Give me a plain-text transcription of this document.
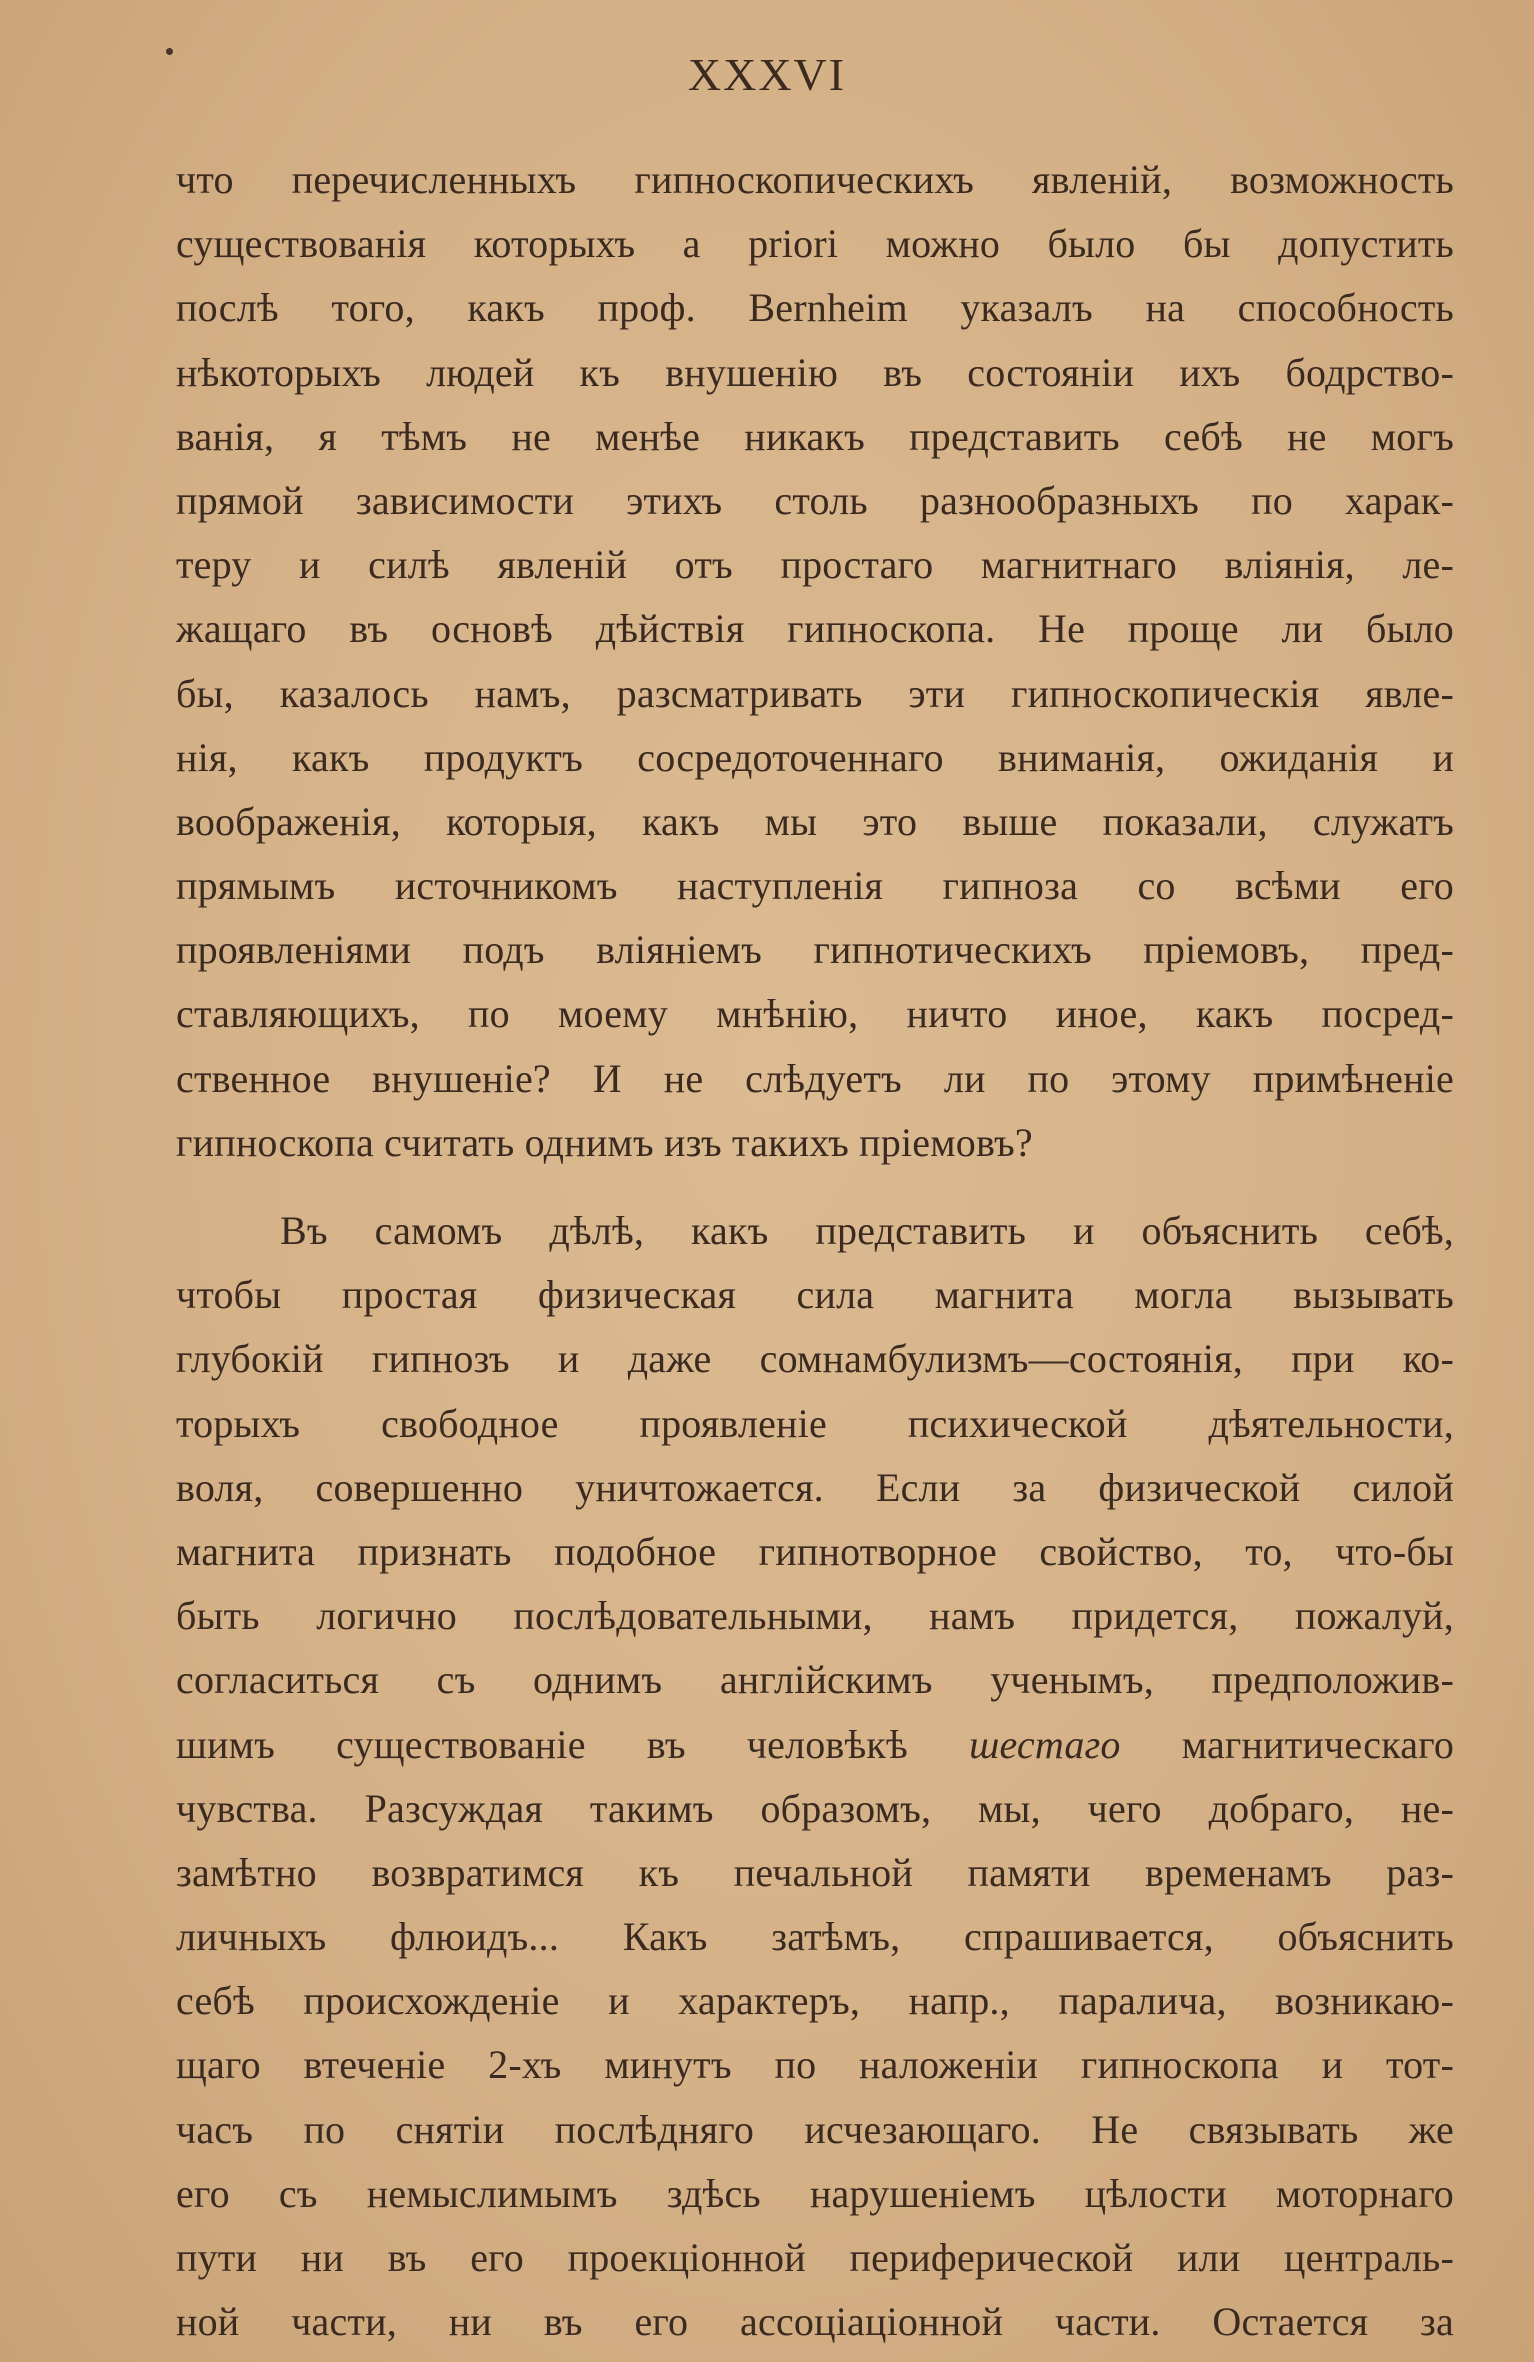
XXXVI
что перечисленныхъ гипноскопическихъ явленій, возможность
существованія которыхъ a priori можно было бы допустить
послѣ того, какъ проф. Bernheim указалъ на способность
нѣкоторыхъ людей къ внушенію въ состояніи ихъ бодрство-
ванія, я тѣмъ не менѣе никакъ представить себѣ не могъ
прямой зависимости этихъ столь разнообразныхъ по харак-
теру и силѣ явленій отъ простаго магнитнаго вліянія, ле-
жащаго въ основѣ дѣйствія гипноскопа. Не проще ли было
бы, казалось намъ, разсматривать эти гипноскопическія явле-
нія, какъ продуктъ сосредоточеннаго вниманія, ожиданія и
воображенія, которыя, какъ мы это выше показали, служатъ
прямымъ источникомъ наступленія гипноза со всѣми его
проявленіями подъ вліяніемъ гипнотическихъ пріемовъ, пред-
ставляющихъ, по моему мнѣнію, ничто иное, какъ посред-
ственное внушеніе? И не слѣдуетъ ли по этому примѣненіе
гипноскопа считать однимъ изъ такихъ пріемовъ?
Въ самомъ дѣлѣ, какъ представить и объяснить себѣ,
чтобы простая физическая сила магнита могла вызывать
глубокій гипнозъ и даже сомнамбулизмъ—состоянія, при ко-
торыхъ свободное проявленіе психической дѣятельности,
воля, совершенно уничтожается. Если за физической силой
магнита признать подобное гипнотворное свойство, то, что-бы
быть логично послѣдовательными, намъ придется, пожалуй,
согласиться съ однимъ англійскимъ ученымъ, предположив-
шимъ существованіе въ человѣкѣ шестаго магнитическаго
чувства. Разсуждая такимъ образомъ, мы, чего добраго, не-
замѣтно возвратимся къ печальной памяти временамъ раз-
личныхъ флюидъ... Какъ затѣмъ, спрашивается, объяснить
себѣ происхожденіе и характеръ, напр., паралича, возникаю-
щаго втеченіе 2-хъ минутъ по наложеніи гипноскопа и тот-
часъ по снятіи послѣдняго исчезающаго. Не связывать же
его съ немыслимымъ здѣсь нарушеніемъ цѣлости моторнаго
пути ни въ его проекціонной периферической или централь-
ной части, ни въ его ассоціаціонной части. Остается за
